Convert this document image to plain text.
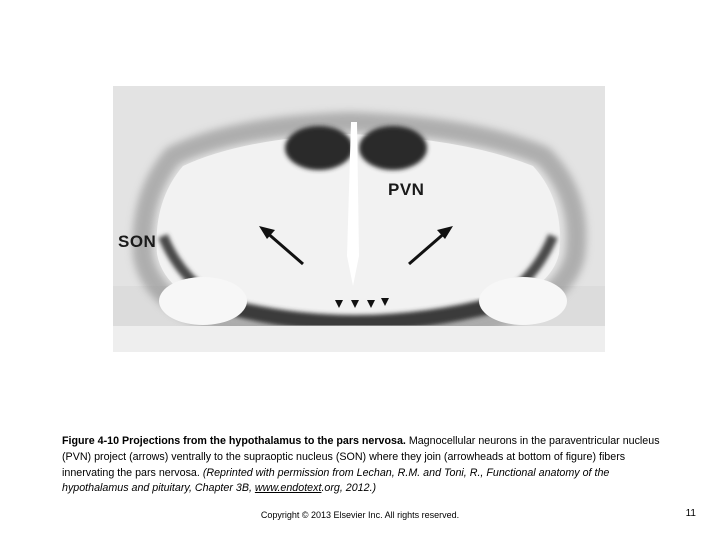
PVN
SON
Figure 4-10 Projections from the hypothalamus to the pars nervosa. Magnocellular neurons in the paraventricular nucleus (PVN) project (arrows) ventrally to the supraoptic nucleus (SON) where they join (arrowheads at bottom of figure) fibers innervating the pars nervosa. (Reprinted with permission from Lechan, R.M. and Toni, R., Functional anatomy of the hypothalamus and pituitary, Chapter 3B, www.endotext.org, 2012.)
Copyright © 2013 Elsevier Inc. All rights reserved.	11
